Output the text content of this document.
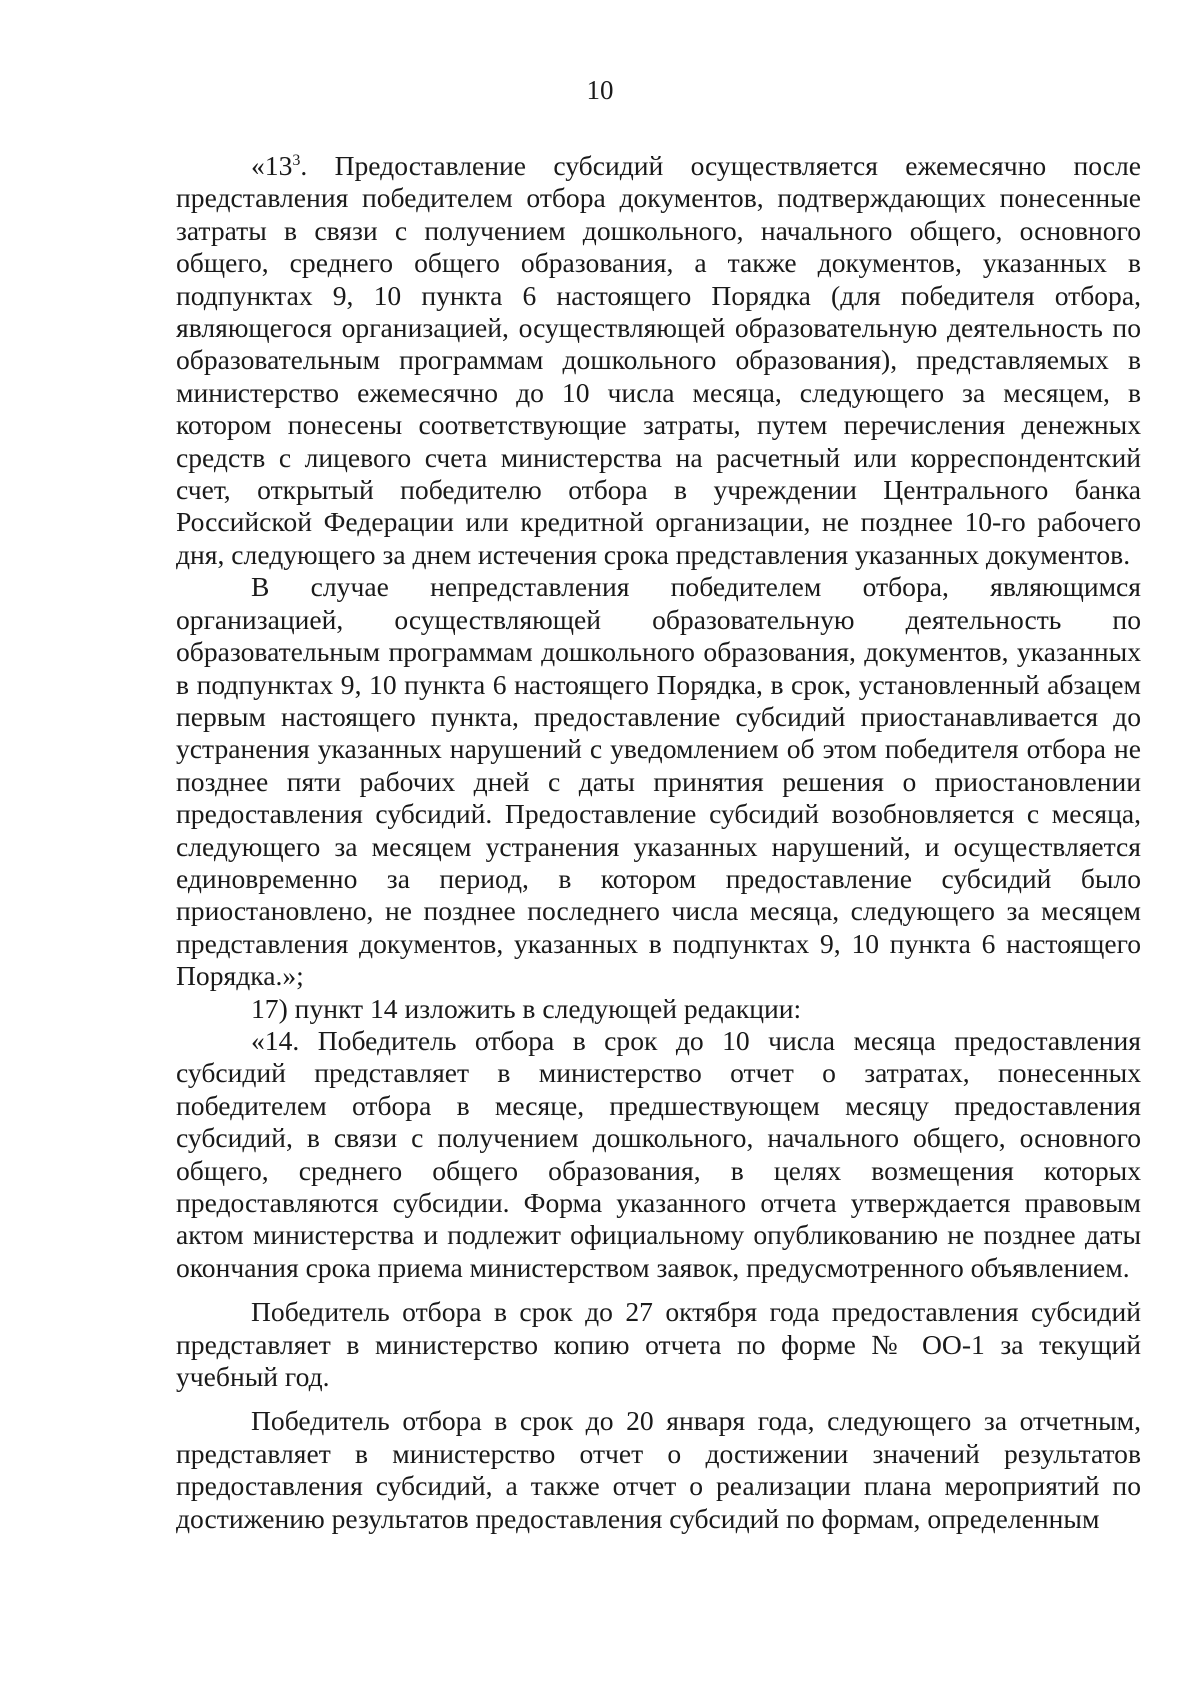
10

«$13^3$. Предоставление субсидий осуществляется ежемесячно после представления победителем отбора документов, подтверждающих понесенные затраты в связи с получением дошкольного, начального общего, основного общего, среднего общего образования, а также документов, указанных в подпунктах 9, 10 пункта 6 настоящего Порядка (для победителя отбора, являющегося организацией, осуществляющей образовательную деятельность по образовательным программам дошкольного образования), представляемых в министерство ежемесячно до 10 числа месяца, следующего за месяцем, в котором понесены соответствующие затраты, путем перечисления денежных средств с лицевого счета министерства на расчетный или корреспондентский счет, открытый победителю отбора в учреждении Центрального банка Российской Федерации или кредитной организации, не позднее 10-го рабочего дня, следующего за днем истечения срока представления указанных документов.

В случае непредставления победителем отбора, являющимся организацией, осуществляющей образовательную деятельность по образовательным программам дошкольного образования, документов, указанных в подпунктах 9, 10 пункта 6 настоящего Порядка, в срок, установленный абзацем первым настоящего пункта, предоставление субсидий приостанавливается до устранения указанных нарушений с уведомлением об этом победителя отбора не позднее пяти рабочих дней с даты принятия решения о приостановлении предоставления субсидий. Предоставление субсидий возобновляется с месяца, следующего за месяцем устранения указанных нарушений, и осуществляется единовременно за период, в котором предоставление субсидий было приостановлено, не позднее последнего числа месяца, следующего за месяцем представления документов, указанных в подпунктах 9, 10 пункта 6 настоящего Порядка.»;

17) пункт 14 изложить в следующей редакции:

«14. Победитель отбора в срок до 10 числа месяца предоставления субсидий представляет в министерство отчет о затратах, понесенных победителем отбора в месяце, предшествующем месяцу предоставления субсидий, в связи с получением дошкольного, начального общего, основного общего, среднего общего образования, в целях возмещения которых предоставляются субсидии. Форма указанного отчета утверждается правовым актом министерства и подлежит официальному опубликованию не позднее даты окончания срока приема министерством заявок, предусмотренного объявлением.

Победитель отбора в срок до 27 октября года предоставления субсидий представляет в министерство копию отчета по форме № ОО-1 за текущий учебный год.

Победитель отбора в срок до 20 января года, следующего за отчетным, представляет в министерство отчет о достижении значений результатов предоставления субсидий, а также отчет о реализации плана мероприятий по достижению результатов предоставления субсидий по формам, определенным
